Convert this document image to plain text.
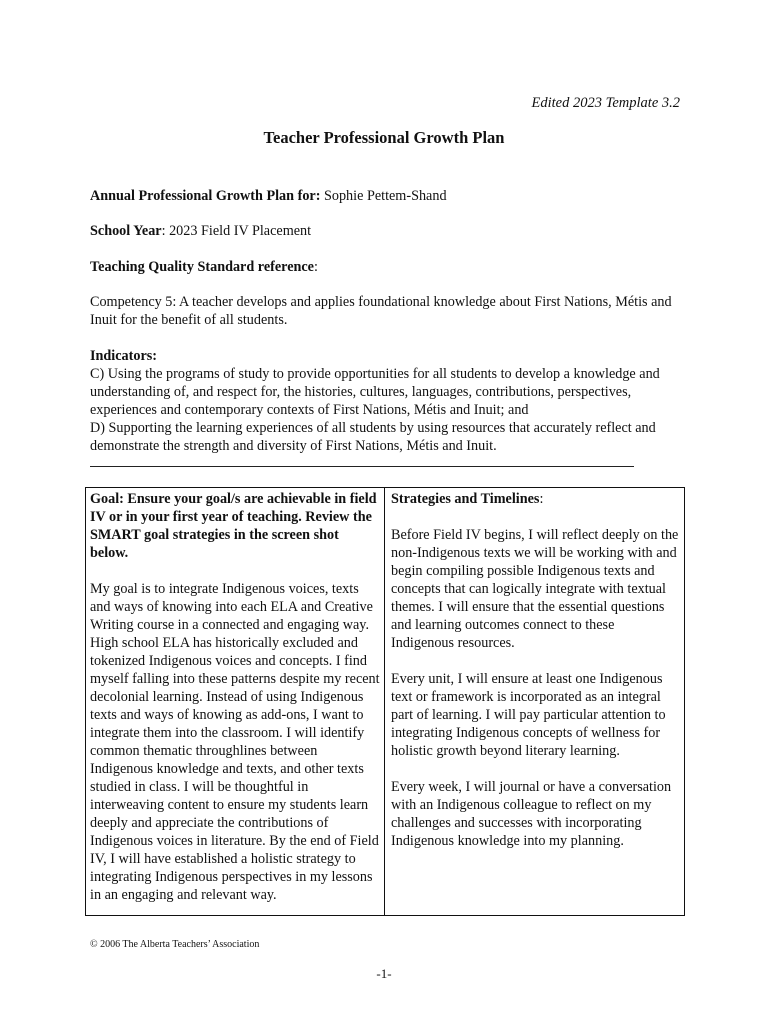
Edited 2023 Template 3.2
Teacher Professional Growth Plan
Annual Professional Growth Plan for: Sophie Pettem-Shand
School Year: 2023 Field IV Placement
Teaching Quality Standard reference:
Competency 5: A teacher develops and applies foundational knowledge about First Nations, Métis and Inuit for the benefit of all students.
Indicators:
C) Using the programs of study to provide opportunities for all students to develop a knowledge and understanding of, and respect for, the histories, cultures, languages, contributions, perspectives, experiences and contemporary contexts of First Nations, Métis and Inuit; and
D) Supporting the learning experiences of all students by using resources that accurately reflect and demonstrate the strength and diversity of First Nations, Métis and Inuit.

Goal: Ensure your goal/s are achievable in field IV or in your first year of teaching. Review the SMART goal strategies in the screen shot below.

My goal is to integrate Indigenous voices, texts and ways of knowing into each ELA and Creative Writing course in a connected and engaging way. High school ELA has historically excluded and tokenized Indigenous voices and concepts. I find myself falling into these patterns despite my recent decolonial learning. Instead of using Indigenous texts and ways of knowing as add-ons, I want to integrate them into the classroom. I will identify common thematic throughlines between Indigenous knowledge and texts, and other texts studied in class. I will be thoughtful in interweaving content to ensure my students learn deeply and appreciate the contributions of Indigenous voices in literature. By the end of Field IV, I will have established a holistic strategy to integrating Indigenous perspectives in my lessons in an engaging and relevant way.

Strategies and Timelines:

Before Field IV begins, I will reflect deeply on the non-Indigenous texts we will be working with and begin compiling possible Indigenous texts and concepts that can logically integrate with textual themes. I will ensure that the essential questions and learning outcomes connect to these Indigenous resources.

Every unit, I will ensure at least one Indigenous text or framework is incorporated as an integral part of learning. I will pay particular attention to integrating Indigenous concepts of wellness for holistic growth beyond literary learning.

Every week, I will journal or have a conversation with an Indigenous colleague to reflect on my challenges and successes with incorporating Indigenous knowledge into my planning.

© 2006 The Alberta Teachers’ Association
-1-
